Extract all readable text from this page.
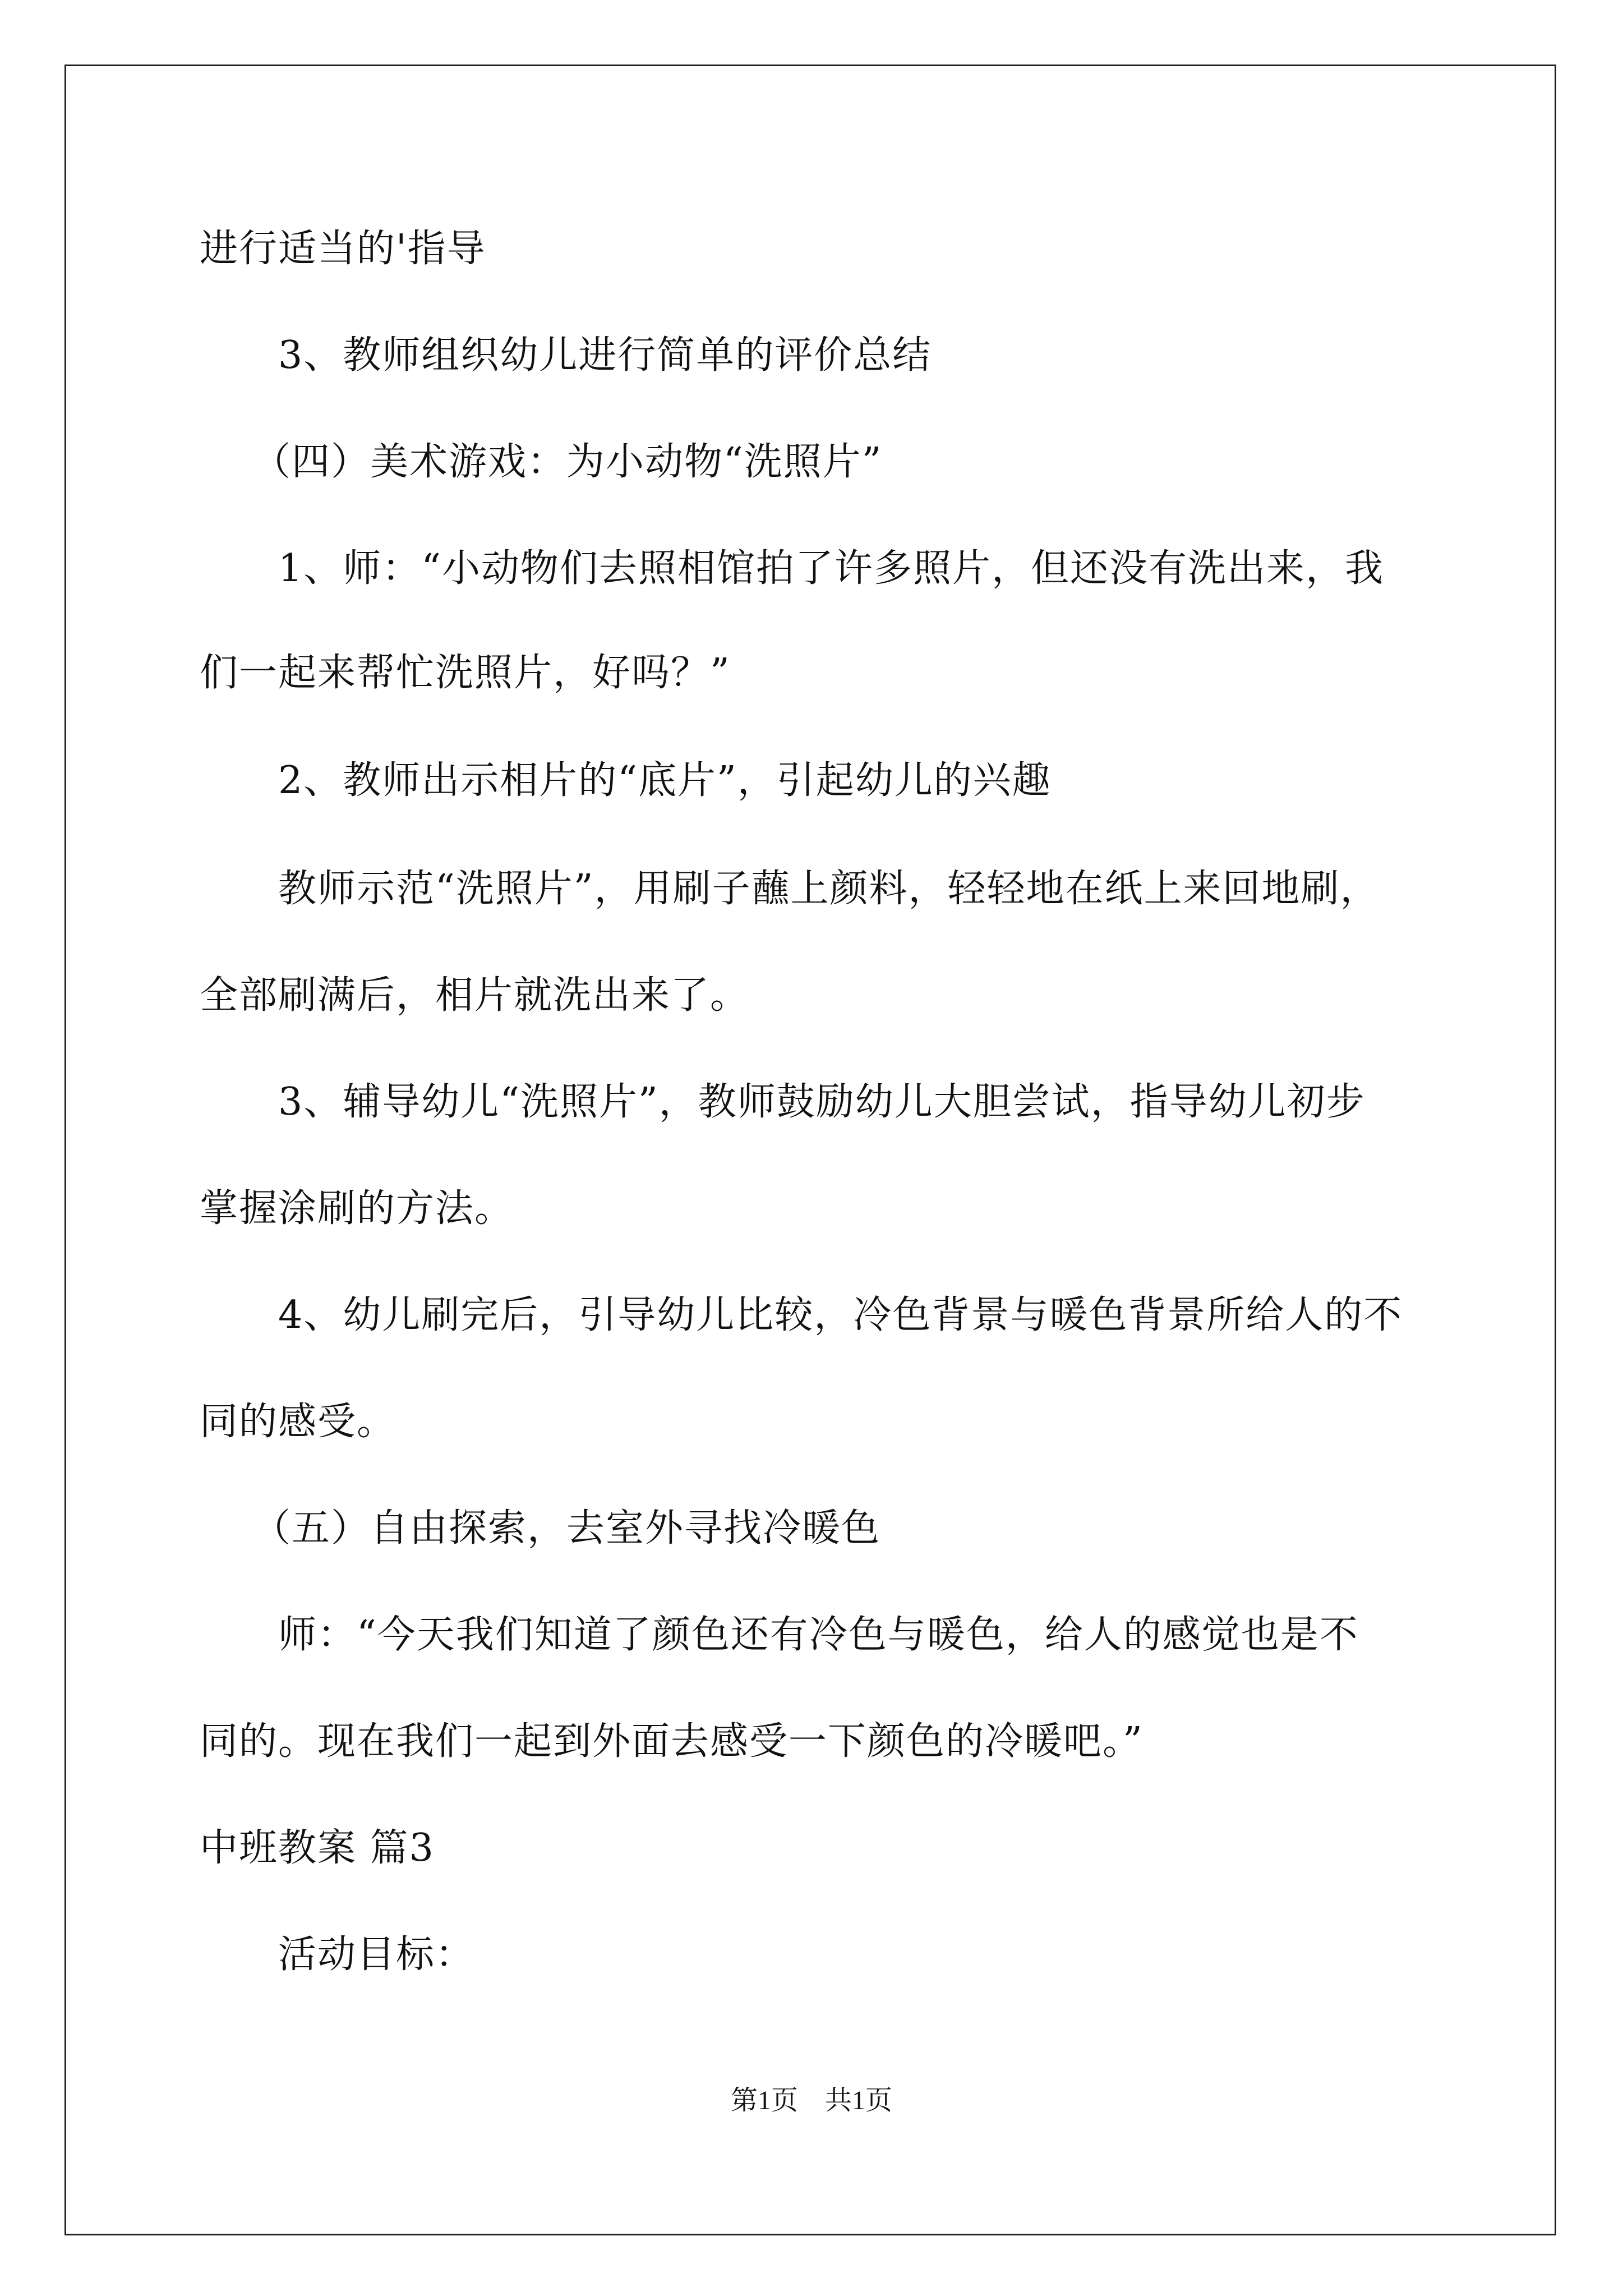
进行适当的'指导
3、教师组织幼儿进行简单的评价总结
（四）美术游戏：为小动物“洗照片”
1、师：“小动物们去照相馆拍了许多照片，但还没有洗出来，我
们一起来帮忙洗照片，好吗？”
2、教师出示相片的“底片”，引起幼儿的兴趣
教师示范“洗照片”，用刷子蘸上颜料，轻轻地在纸上来回地刷，
全部刷满后，相片就洗出来了。
3、辅导幼儿“洗照片”，教师鼓励幼儿大胆尝试，指导幼儿初步
掌握涂刷的方法。
4、幼儿刷完后，引导幼儿比较，冷色背景与暖色背景所给人的不
同的感受。
（五）自由探索，去室外寻找冷暖色
师：“今天我们知道了颜色还有冷色与暖色，给人的感觉也是不
同的。现在我们一起到外面去感受一下颜色的冷暖吧。”
中班教案 篇3
活动目标：
第1页 共1页
